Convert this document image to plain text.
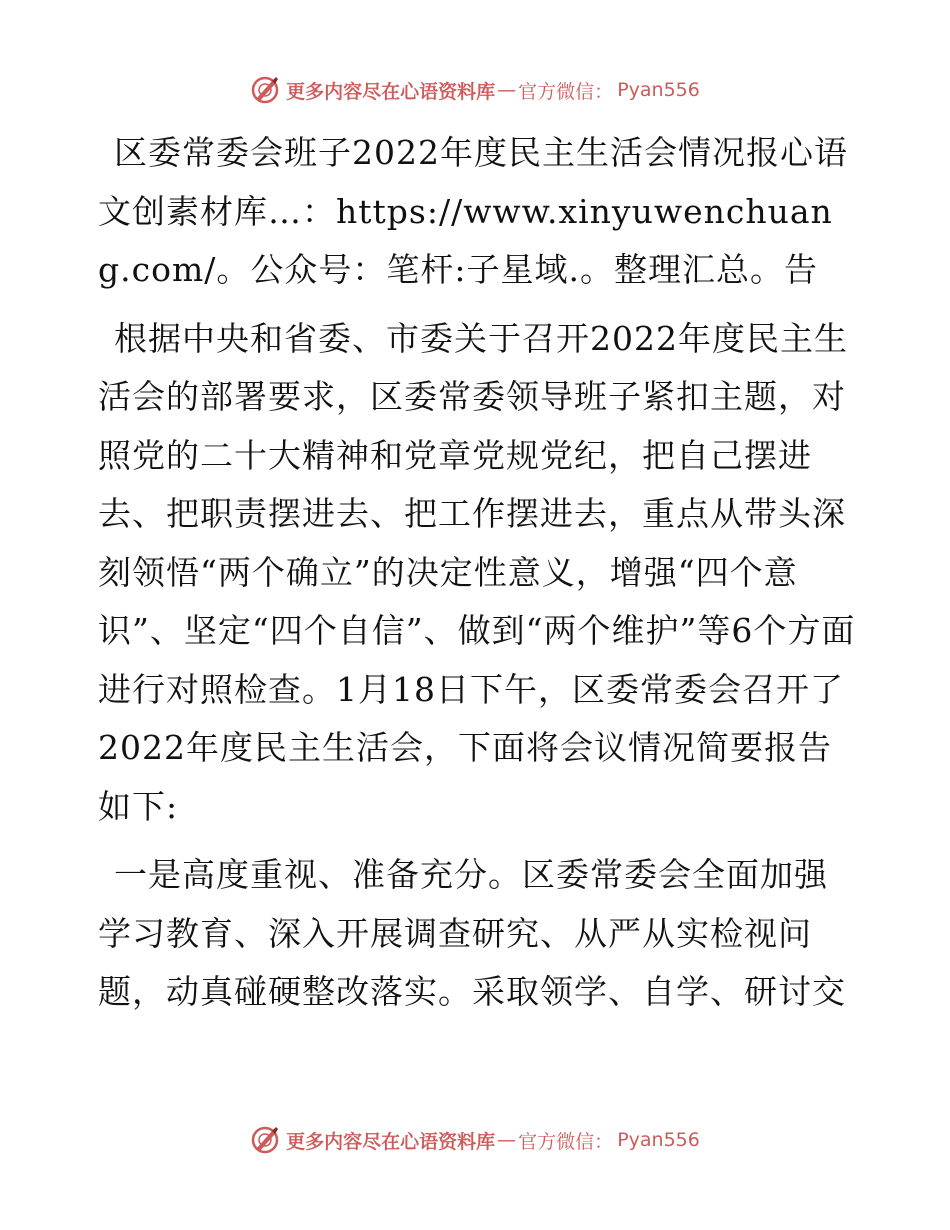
更多内容尽在心语资料库 — 官方微信： Pyan556

区委常委会班子2022年度民主生活会情况报心语文创素材库…：https://www.xinyuwenchuang.com/。公众号：笔杆:子星域.。整理汇总。告

根据中央和省委、市委关于召开2022年度民主生活会的部署要求，区委常委领导班子紧扣主题，对照党的二十大精神和党章党规党纪，把自己摆进去、把职责摆进去、把工作摆进去，重点从带头深刻领悟“两个确立”的决定性意义，增强“四个意识”、坚定“四个自信”、做到“两个维护”等6个方面进行对照检查。1月18日下午，区委常委会召开了2022年度民主生活会，下面将会议情况简要报告如下:

一是高度重视、准备充分。区委常委会全面加强学习教育、深入开展调查研究、从严从实检视问题，动真碰硬整改落实。采取领学、自学、研讨交

更多内容尽在心语资料库 — 官方微信： Pyan556
